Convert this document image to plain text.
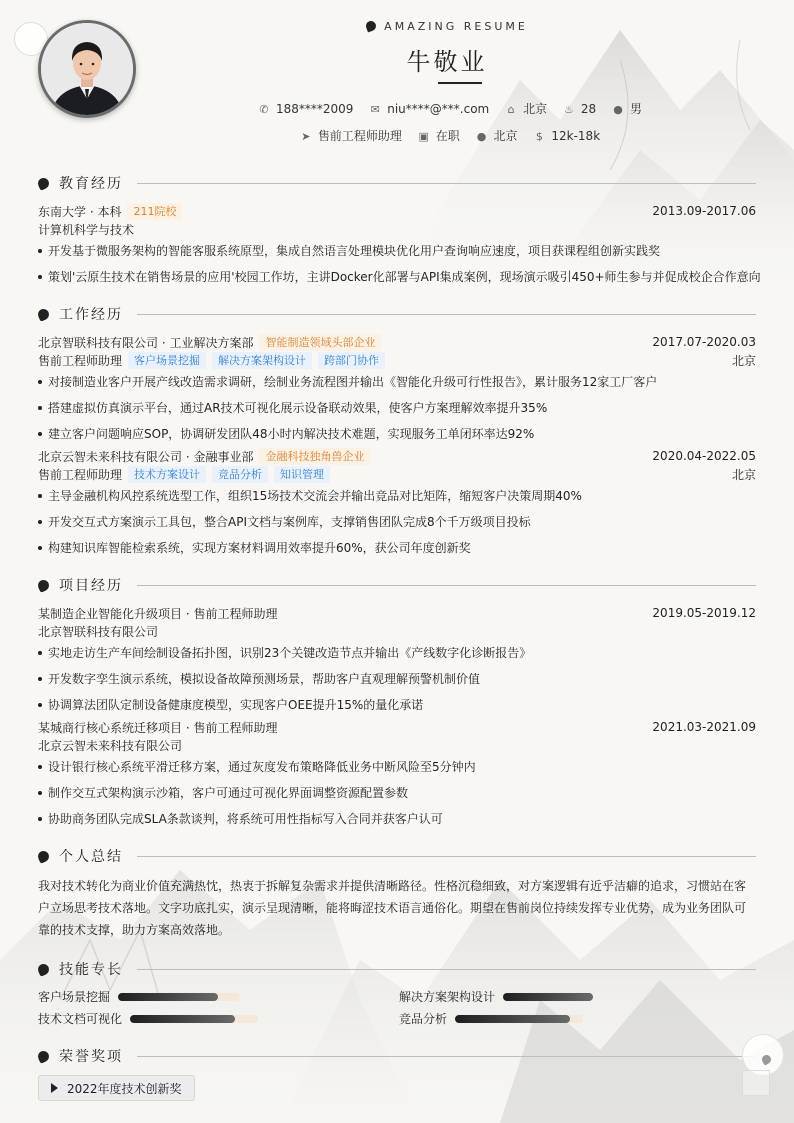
AMAZING RESUME
牛敬业
✆ 188****2009 ✉ niu****@***.com ⌂ 北京 ♨ 28 ● 男
➤ 售前工程师助理 ▣ 在职 ● 北京 $ 12k-18k
教育经历
东南大学 · 本科	211院校	2013.09-2017.06
计算机科学与技术
开发基于微服务架构的智能客服系统原型，集成自然语言处理模块优化用户查询响应速度，项目获课程组创新实践奖
策划'云原生技术在销售场景的应用'校园工作坊，主讲Docker化部署与API集成案例，现场演示吸引450+师生参与并促成校企合作意向
工作经历
北京智联科技有限公司 · 工业解决方案部	智能制造领域头部企业	2017.07-2020.03
售前工程师助理	客户场景挖掘	解决方案架构设计	跨部门协作	北京
对接制造业客户开展产线改造需求调研，绘制业务流程图并输出《智能化升级可行性报告》，累计服务12家工厂客户
搭建虚拟仿真演示平台，通过AR技术可视化展示设备联动效果，使客户方案理解效率提升35%
建立客户问题响应SOP，协调研发团队48小时内解决技术难题，实现服务工单闭环率达92%
北京云智未来科技有限公司 · 金融事业部	金融科技独角兽企业	2020.04-2022.05
售前工程师助理	技术方案设计	竞品分析	知识管理	北京
主导金融机构风控系统选型工作，组织15场技术交流会并输出竞品对比矩阵，缩短客户决策周期40%
开发交互式方案演示工具包，整合API文档与案例库，支撑销售团队完成8个千万级项目投标
构建知识库智能检索系统，实现方案材料调用效率提升60%，获公司年度创新奖
项目经历
某制造企业智能化升级项目 · 售前工程师助理	2019.05-2019.12
北京智联科技有限公司
实地走访生产车间绘制设备拓扑图，识别23个关键改造节点并输出《产线数字化诊断报告》
开发数字孪生演示系统，模拟设备故障预测场景，帮助客户直观理解预警机制价值
协调算法团队定制设备健康度模型，实现客户OEE提升15%的量化承诺
某城商行核心系统迁移项目 · 售前工程师助理	2021.03-2021.09
北京云智未来科技有限公司
设计银行核心系统平滑迁移方案，通过灰度发布策略降低业务中断风险至5分钟内
制作交互式架构演示沙箱，客户可通过可视化界面调整资源配置参数
协助商务团队完成SLA条款谈判，将系统可用性指标写入合同并获客户认可
个人总结
我对技术转化为商业价值充满热忱，热衷于拆解复杂需求并提供清晰路径。性格沉稳细致，对方案逻辑有近乎洁癖的追求，习惯站在客户立场思考技术落地。文字功底扎实，演示呈现清晰，能将晦涩技术语言通俗化。期望在售前岗位持续发挥专业优势，成为业务团队可靠的技术支撑，助力方案高效落地。
技能专长
客户场景挖掘	解决方案架构设计
技术文档可视化	竞品分析
荣誉奖项
2022年度技术创新奖
